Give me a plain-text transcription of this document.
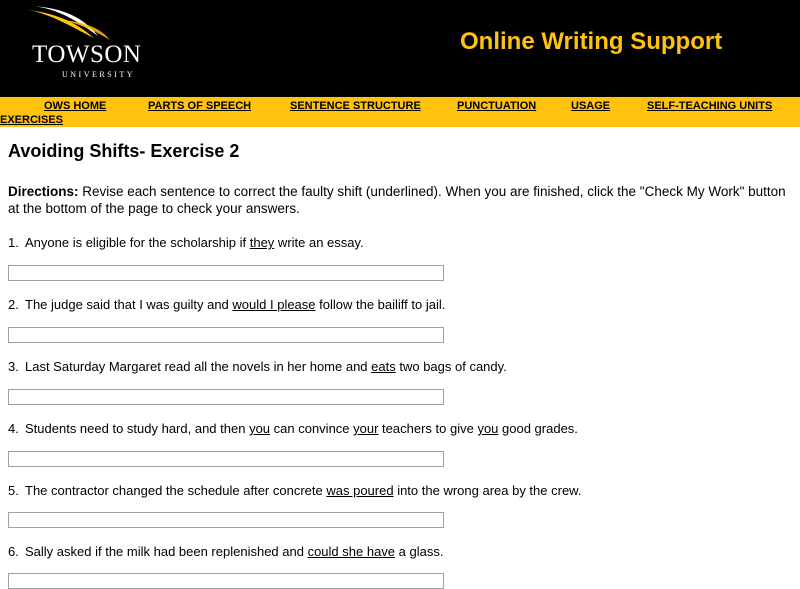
TOWSON
UNIVERSITY
Online Writing Support
OWS HOME	PARTS OF SPEECH	SENTENCE STRUCTURE	PUNCTUATION	USAGE	SELF-TEACHING UNITS
EXERCISES
Avoiding Shifts- Exercise 2

Directions: Revise each sentence to correct the faulty shift (underlined). When you are finished, click the "Check My Work" button at the bottom of the page to check your answers.

1. Anyone is eligible for the scholarship if they write an essay.
2. The judge said that I was guilty and would I please follow the bailiff to jail.
3. Last Saturday Margaret read all the novels in her home and eats two bags of candy.
4. Students need to study hard, and then you can convince your teachers to give you good grades.
5. The contractor changed the schedule after concrete was poured into the wrong area by the crew.
6. Sally asked if the milk had been replenished and could she have a glass.
